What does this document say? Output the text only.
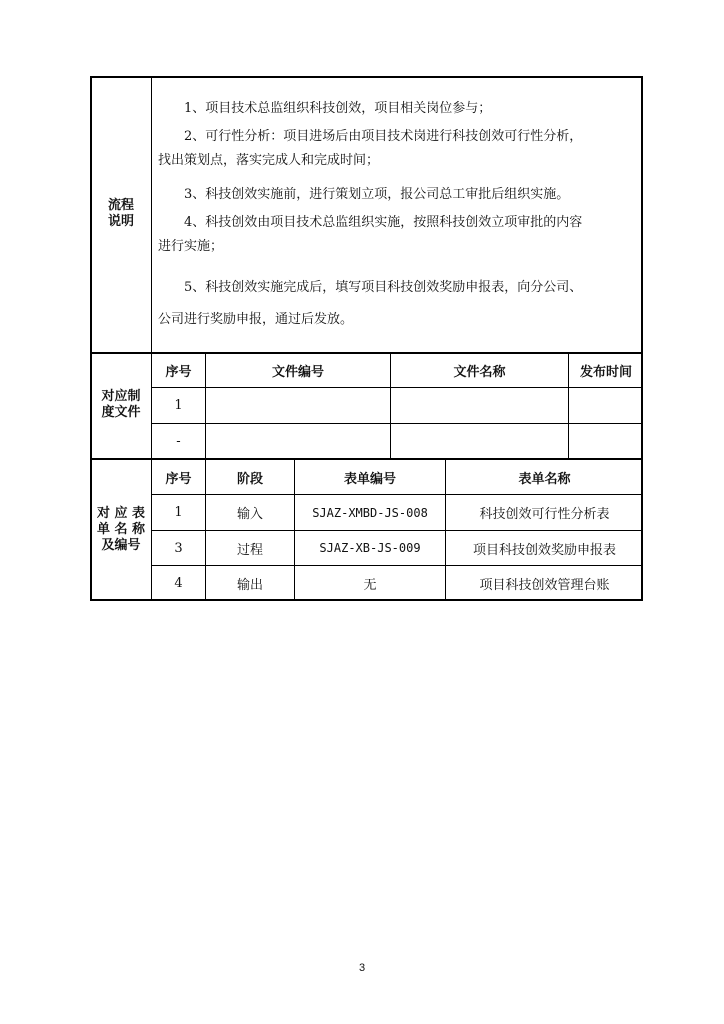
流程
说明
　　1、项目技术总监组织科技创效，项目相关岗位参与；
　　2、可行性分析：项目进场后由项目技术岗进行科技创效可行性分析，
找出策划点，落实完成人和完成时间；
　　3、科技创效实施前，进行策划立项，报公司总工审批后组织实施。
　　4、科技创效由项目技术总监组织实施，按照科技创效立项审批的内容
进行实施；
　　5、科技创效实施完成后，填写项目科技创效奖励申报表，向分公司、
公司进行奖励申报，通过后发放。
对应制
度文件
序号	文件编号	文件名称	发布时间
1
-
对 应 表
单 名 称
及编号
序号	阶段	表单编号	表单名称
1	输入	SJAZ-XMBD-JS-008	科技创效可行性分析表
3	过程	SJAZ-XB-JS-009	项目科技创效奖励申报表
4	输出	无	项目科技创效管理台账
3
